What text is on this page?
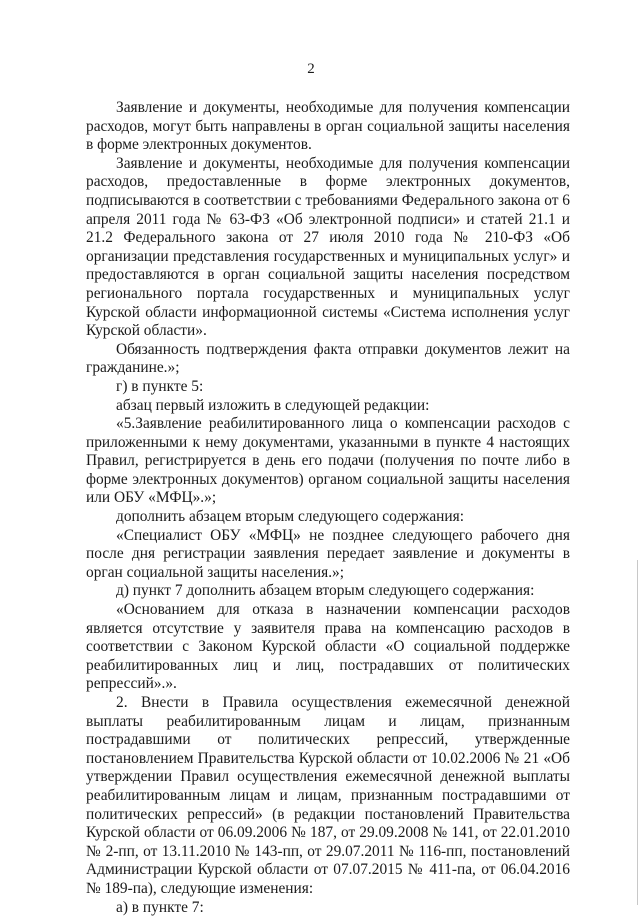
2

Заявление и документы, необходимые для получения компенсации расходов, могут быть направлены в орган социальной защиты населения в форме электронных документов.

Заявление и документы, необходимые для получения компенсации расходов, предоставленные в форме электронных документов, подписываются в соответствии с требованиями Федерального закона от 6 апреля 2011 года № 63-ФЗ «Об электронной подписи» и статей 21.1 и 21.2 Федерального закона от 27 июля 2010 года № 210-ФЗ «Об организации представления государственных и муниципальных услуг» и предоставляются в орган социальной защиты населения посредством регионального портала государственных и муниципальных услуг Курской области информационной системы «Система исполнения услуг Курской области».

Обязанность подтверждения факта отправки документов лежит на гражданине.»;

г) в пункте 5:

абзац первый изложить в следующей редакции:

«5.Заявление реабилитированного лица о компенсации расходов с приложенными к нему документами, указанными в пункте 4 настоящих Правил, регистрируется в день его подачи (получения по почте либо в форме электронных документов) органом социальной защиты населения или ОБУ «МФЦ».»;

дополнить абзацем вторым следующего содержания:

«Специалист ОБУ «МФЦ» не позднее следующего рабочего дня после дня регистрации заявления передает заявление и документы в орган социальной защиты населения.»;

д) пункт 7 дополнить абзацем вторым следующего содержания:

«Основанием для отказа в назначении компенсации расходов является отсутствие у заявителя права на компенсацию расходов в соответствии с Законом Курской области «О социальной поддержке реабилитированных лиц и лиц, пострадавших от политических репрессий».».

2. Внести в Правила осуществления ежемесячной денежной выплаты реабилитированным лицам и лицам, признанным пострадавшими от политических репрессий, утвержденные постановлением Правительства Курской области от 10.02.2006 № 21 «Об утверждении Правил осуществления ежемесячной денежной выплаты реабилитированным лицам и лицам, признанным пострадавшими от политических репрессий» (в редакции постановлений Правительства Курской области от 06.09.2006 № 187, от 29.09.2008 № 141, от 22.01.2010 № 2-пп, от 13.11.2010 № 143-пп, от 29.07.2011 № 116-пп, постановлений Администрации Курской области от 07.07.2015 № 411-па, от 06.04.2016 № 189-па), следующие изменения:

а) в пункте 7:
